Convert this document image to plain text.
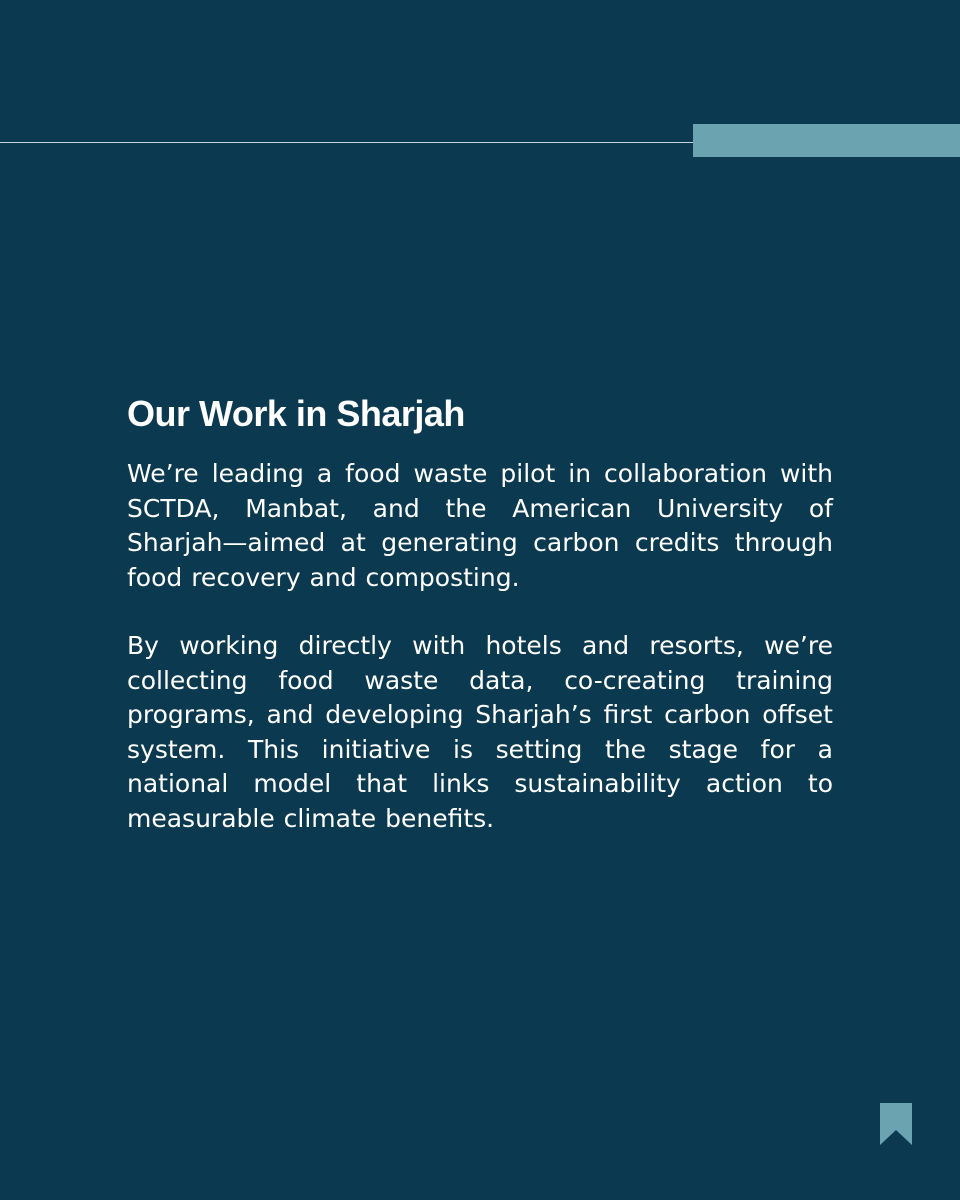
Our Work in Sharjah

We’re leading a food waste pilot in collaboration with SCTDA, Manbat, and the American University of Sharjah—aimed at generating carbon credits through food recovery and composting.

By working directly with hotels and resorts, we’re collecting food waste data, co-creating training programs, and developing Sharjah’s first carbon offset system. This initiative is setting the stage for a national model that links sustainability action to measurable climate benefits.
